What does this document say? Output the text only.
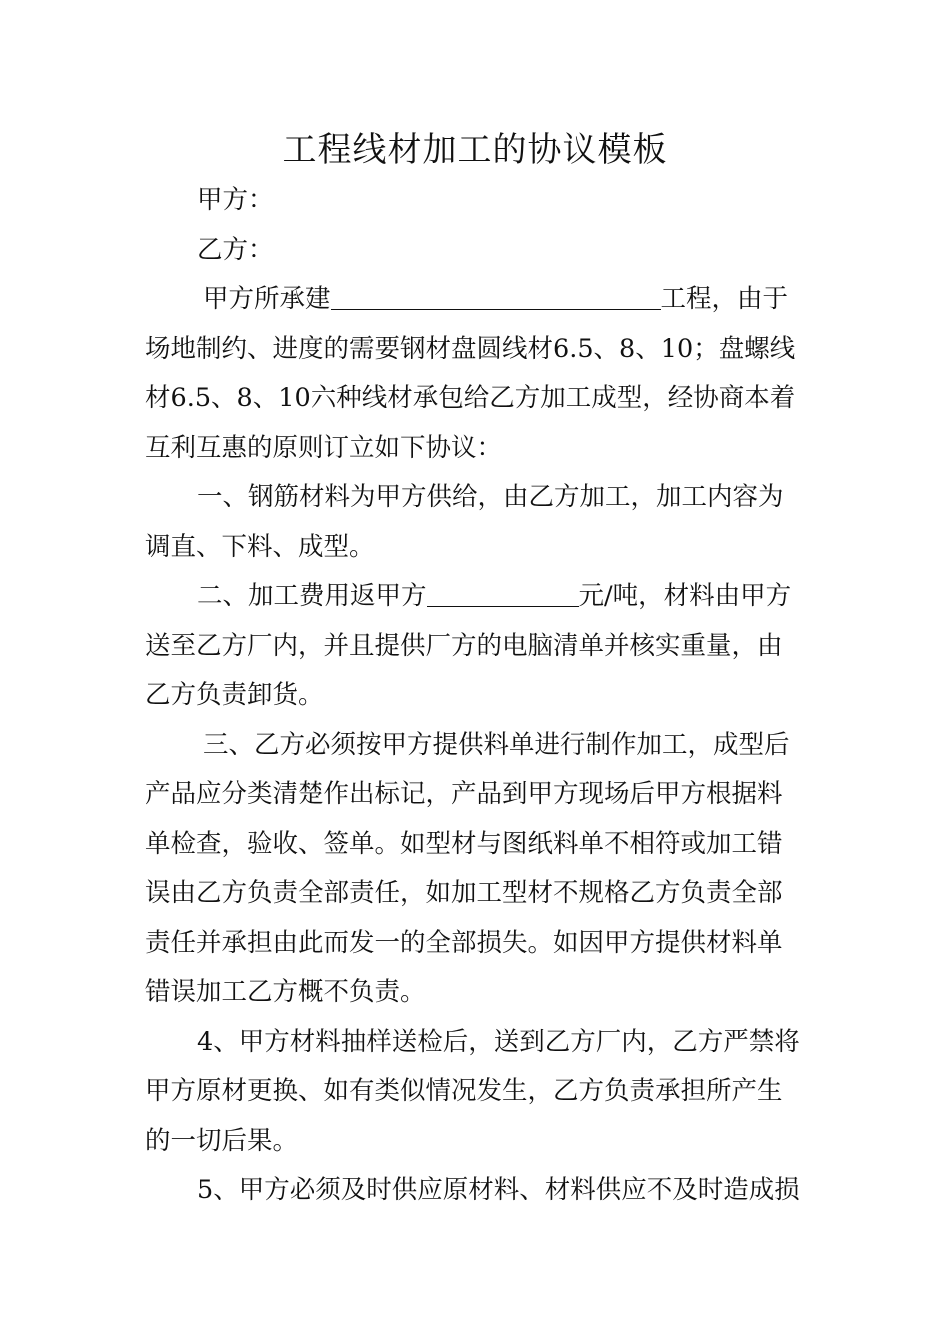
工程线材加工的协议模板
甲方：
乙方：
甲方所承建	工程，由于
场地制约、进度的需要钢材盘圆线材6.5、8、10；盘螺线
材6.5、8、10六种线材承包给乙方加工成型，经协商本着
互利互惠的原则订立如下协议：
一、钢筋材料为甲方供给，由乙方加工，加工内容为
调直、下料、成型。
二、加工费用返甲方	元/吨，材料由甲方
送至乙方厂内，并且提供厂方的电脑清单并核实重量，由
乙方负责卸货。
三、乙方必须按甲方提供料单进行制作加工，成型后
产品应分类清楚作出标记，产品到甲方现场后甲方根据料
单检查，验收、签单。如型材与图纸料单不相符或加工错
误由乙方负责全部责任，如加工型材不规格乙方负责全部
责任并承担由此而发一的全部损失。如因甲方提供材料单
错误加工乙方概不负责。
4、甲方材料抽样送检后，送到乙方厂内，乙方严禁将
甲方原材更换、如有类似情况发生，乙方负责承担所产生
的一切后果。
5、甲方必须及时供应原材料、材料供应不及时造成损
